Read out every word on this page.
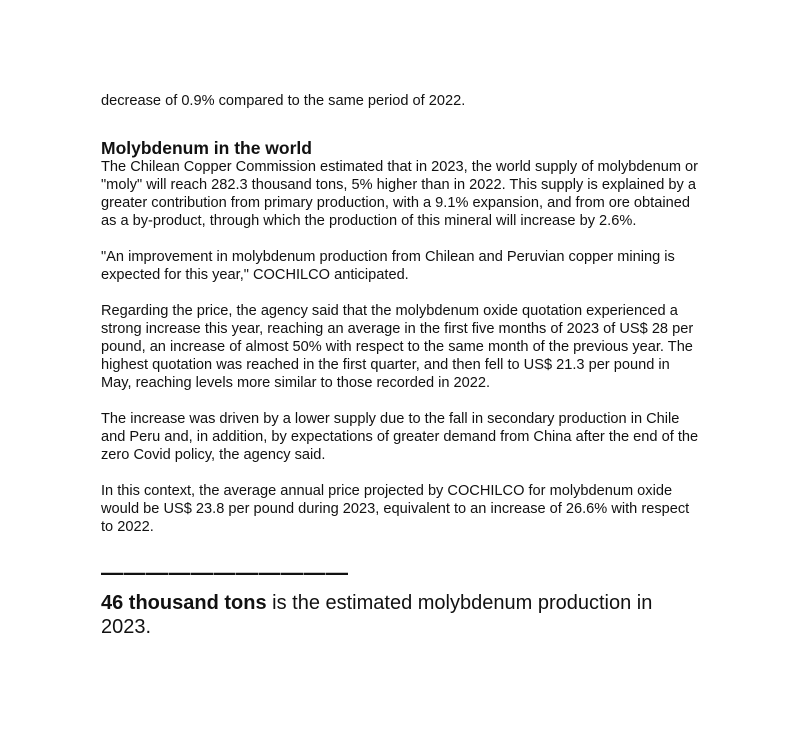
decrease of 0.9% compared to the same period of 2022.

Molybdenum in the world

The Chilean Copper Commission estimated that in 2023, the world supply of molybdenum or "moly" will reach 282.3 thousand tons, 5% higher than in 2022. This supply is explained by a greater contribution from primary production, with a 9.1% expansion, and from ore obtained as a by-product, through which the production of this mineral will increase by 2.6%.

"An improvement in molybdenum production from Chilean and Peruvian copper mining is expected for this year," COCHILCO anticipated.

Regarding the price, the agency said that the molybdenum oxide quotation experienced a strong increase this year, reaching an average in the first five months of 2023 of US$ 28 per pound, an increase of almost 50% with respect to the same month of the previous year. The highest quotation was reached in the first quarter, and then fell to US$ 21.3 per pound in May, reaching levels more similar to those recorded in 2022.

The increase was driven by a lower supply due to the fall in secondary production in Chile and Peru and, in addition, by expectations of greater demand from China after the end of the zero Covid policy, the agency said.

In this context, the average annual price projected by COCHILCO for molybdenum oxide would be US$ 23.8 per pound during 2023, equivalent to an increase of 26.6% with respect to 2022.

———————————
46 thousand tons is the estimated molybdenum production in 2023.
